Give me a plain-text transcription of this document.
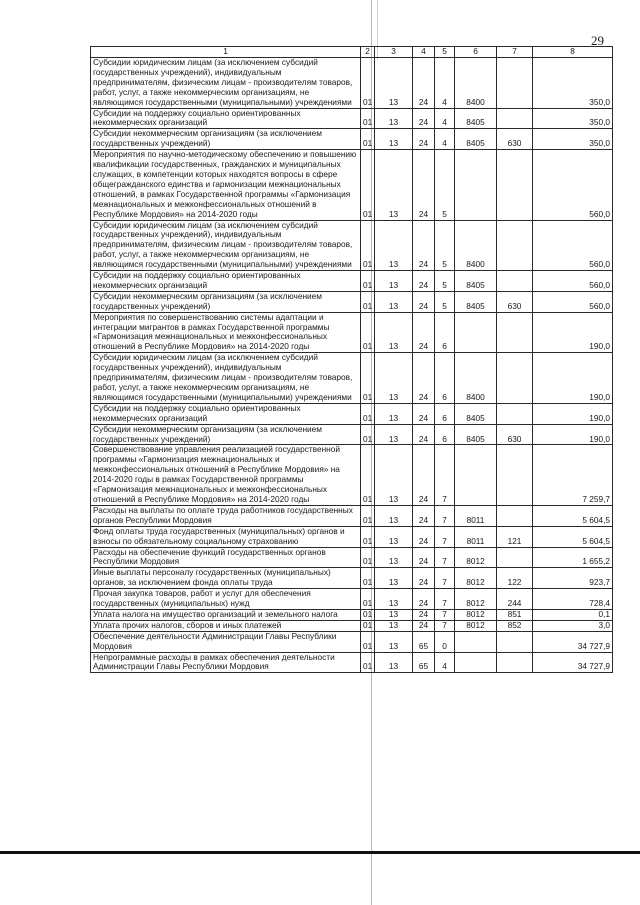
29
1	2	3	4	5	6	7	8
Субсидии юридическим лицам (за исключением субсидий государственных учреждений), индивидуальным предпринимателям, физическим лицам - производителям товаров, работ, услуг, а также некоммерческим организациям, не являющимся государственными (муниципальными) учреждениями	01	13	24	4	8400		350,0
Субсидии на поддержку социально ориентированных некоммерческих организаций	01	13	24	4	8405		350,0
Субсидии некоммерческим организациям (за исключением государственных учреждений)	01	13	24	4	8405	630	350,0
Мероприятия по научно-методическому обеспечению и повышению квалификации государственных, гражданских и муниципальных служащих, в компетенции которых находятся вопросы в сфере общегражданского единства и гармонизации межнациональных отношений, в рамках Государственной программы «Гармонизация межнациональных и межконфессиональных отношений в Республике Мордовия» на 2014-2020 годы	01	13	24	5			560,0
Субсидии юридическим лицам (за исключением субсидий государственных учреждений), индивидуальным предпринимателям, физическим лицам - производителям товаров, работ, услуг, а также некоммерческим организациям, не являющимся государственными (муниципальными) учреждениями	01	13	24	5	8400		560,0
Субсидии на поддержку социально ориентированных некоммерческих организаций	01	13	24	5	8405		560,0
Субсидии некоммерческим организациям (за исключением государственных учреждений)	01	13	24	5	8405	630	560,0
Мероприятия по совершенствованию системы адаптации и интеграции мигрантов в рамках Государственной программы «Гармонизация межнациональных и межконфессиональных отношений в Республике Мордовия» на 2014-2020 годы	01	13	24	6			190,0
Субсидии юридическим лицам (за исключением субсидий государственных учреждений), индивидуальным предпринимателям, физическим лицам - производителям товаров, работ, услуг, а также некоммерческим организациям, не являющимся государственными (муниципальными) учреждениями	01	13	24	6	8400		190,0
Субсидии на поддержку социально ориентированных некоммерческих организаций	01	13	24	6	8405		190,0
Субсидии некоммерческим организациям (за исключением государственных учреждений)	01	13	24	6	8405	630	190,0
Совершенствование управления реализацией государственной программы «Гармонизация межнациональных и межконфессиональных отношений в Республике Мордовия» на 2014-2020 годы в рамках Государственной программы «Гармонизация межнациональных и межконфессиональных отношений в Республике Мордовия» на 2014-2020 годы	01	13	24	7			7 259,7
Расходы на выплаты по оплате труда работников государственных органов Республики Мордовия	01	13	24	7	8011		5 604,5
Фонд оплаты труда государственных (муниципальных) органов и взносы по обязательному социальному страхованию	01	13	24	7	8011	121	5 604,5
Расходы на обеспечение функций государственных органов Республики Мордовия	01	13	24	7	8012		1 655,2
Иные выплаты персоналу государственных (муниципальных) органов, за исключением фонда оплаты труда	01	13	24	7	8012	122	923,7
Прочая закупка товаров, работ и услуг для обеспечения государственных (муниципальных) нужд	01	13	24	7	8012	244	728,4
Уплата налога на имущество организаций и земельного налога	01	13	24	7	8012	851	0,1
Уплата прочих налогов, сборов и иных платежей	01	13	24	7	8012	852	3,0
Обеспечение деятельности Администрации Главы Республики Мордовия	01	13	65	0			34 727,9
Непрограммные расходы в рамках обеспечения деятельности Администрации Главы Республики Мордовия	01	13	65	4			34 727,9
